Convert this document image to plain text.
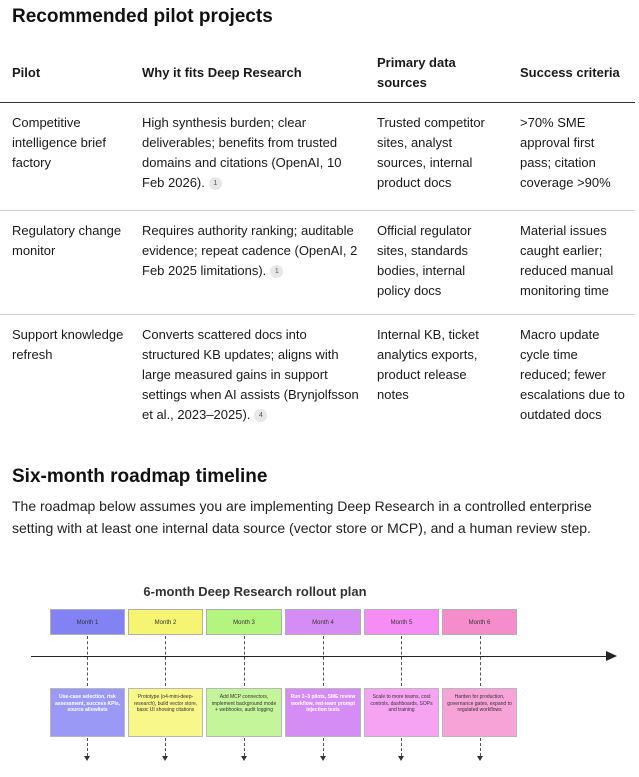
Recommended pilot projects
Pilot	Why it fits Deep Research	Primary data sources	Success criteria
Competitive intelligence brief factory	High synthesis burden; clear deliverables; benefits from trusted domains and citations (OpenAI, 10 Feb 2026). 1	Trusted competitor sites, analyst sources, internal product docs	>70% SME approval first pass; citation coverage >90%
Regulatory change monitor	Requires authority ranking; auditable evidence; repeat cadence (OpenAI, 2 Feb 2025 limitations). 1	Official regulator sites, standards bodies, internal policy docs	Material issues caught earlier; reduced manual monitoring time
Support knowledge refresh	Converts scattered docs into structured KB updates; aligns with large measured gains in support settings when AI assists (Brynjolfsson et al., 2023–2025). 4	Internal KB, ticket analytics exports, product release notes	Macro update cycle time reduced; fewer escalations due to outdated docs
Six-month roadmap timeline

The roadmap below assumes you are implementing Deep Research in a controlled enterprise setting with at least one internal data source (vector store or MCP), and a human review step.

6-month Deep Research rollout plan
Month 1	Month 2	Month 3	Month 4	Month 5	Month 6
Use-case selection, risk assessment, success KPIs, source allowlists
Prototype (o4-mini-deep-research), build vector store, basic UI showing citations
Add MCP connectors, implement background mode + webhooks, audit logging
Run 2–3 pilots, SME review workflow, red-team prompt injection tests
Scale to more teams, cost controls, dashboards, SOPs and training
Harden for production, governance gates, expand to regulated workflows
